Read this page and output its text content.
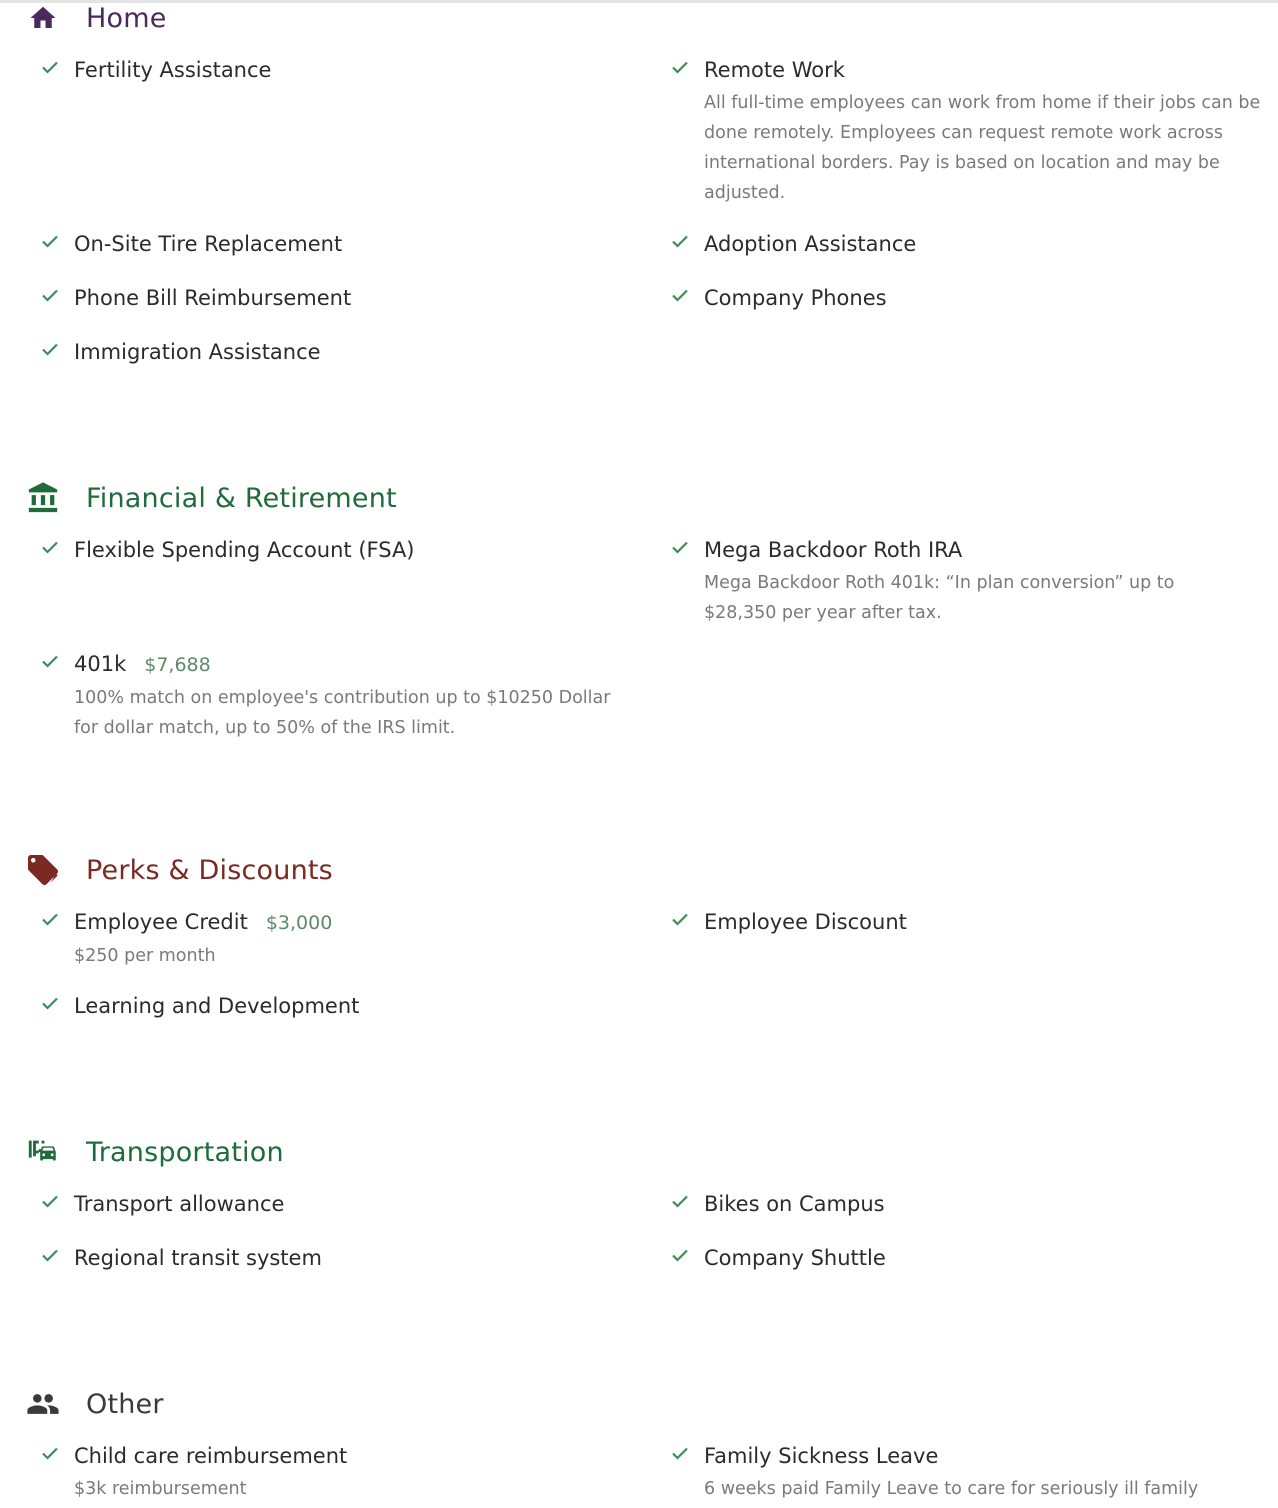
Home
Fertility Assistance	Remote Work
All full-time employees can work from home if their jobs can be done remotely. Employees can request remote work across international borders. Pay is based on location and may be adjusted.
On-Site Tire Replacement	Adoption Assistance
Phone Bill Reimbursement	Company Phones
Immigration Assistance
Financial & Retirement
Flexible Spending Account (FSA)	Mega Backdoor Roth IRA
Mega Backdoor Roth 401k: “In plan conversion” up to $28,350 per year after tax.
401k $7,688
100% match on employee's contribution up to $10250 Dollar for dollar match, up to 50% of the IRS limit.
Perks & Discounts
Employee Credit $3,000
$250 per month
Employee Discount
Learning and Development
Transportation
Transport allowance	Bikes on Campus
Regional transit system	Company Shuttle
Other
Child care reimbursement
$3k reimbursement
Family Sickness Leave
6 weeks paid Family Leave to care for seriously ill family
